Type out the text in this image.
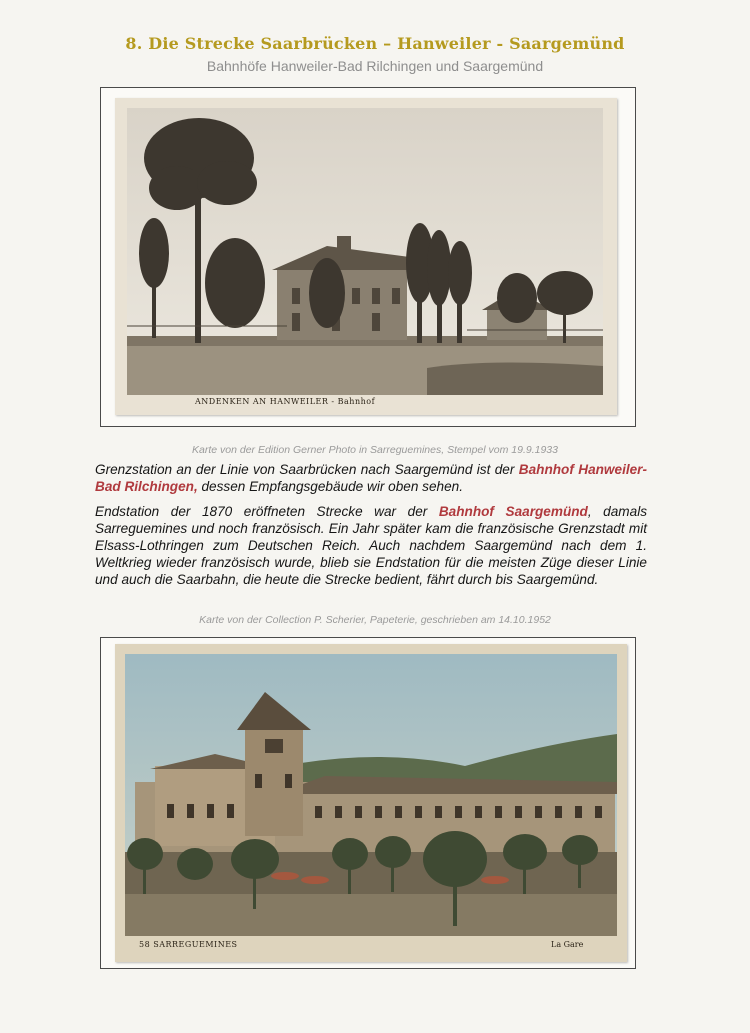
8. Die Strecke Saarbrücken – Hanweiler - Saargemünd
Bahnhöfe Hanweiler-Bad Rilchingen und Saargemünd
ANDENKEN AN HANWEILER - Bahnhof
Karte von der Edition Gerner Photo in Sarreguemines, Stempel vom 19.9.1933

Grenzstation an der Linie von Saarbrücken nach Saargemünd ist der Bahnhof Hanweiler-Bad Rilchingen, dessen Empfangsgebäude wir oben sehen.

Endstation der 1870 eröffneten Strecke war der Bahnhof Saargemünd, damals Sarreguemines und noch französisch. Ein Jahr später kam die französische Grenzstadt mit Elsass-Lothringen zum Deutschen Reich. Auch nachdem Saargemünd nach dem 1. Weltkrieg wieder französisch wurde, blieb sie Endstation für die meisten Züge dieser Linie und auch die Saarbahn, die heute die Strecke bedient, fährt durch bis Saargemünd.

Karte von der Collection P. Scherier, Papeterie, geschrieben am 14.10.1952
58 SARREGUEMINES	La Gare
